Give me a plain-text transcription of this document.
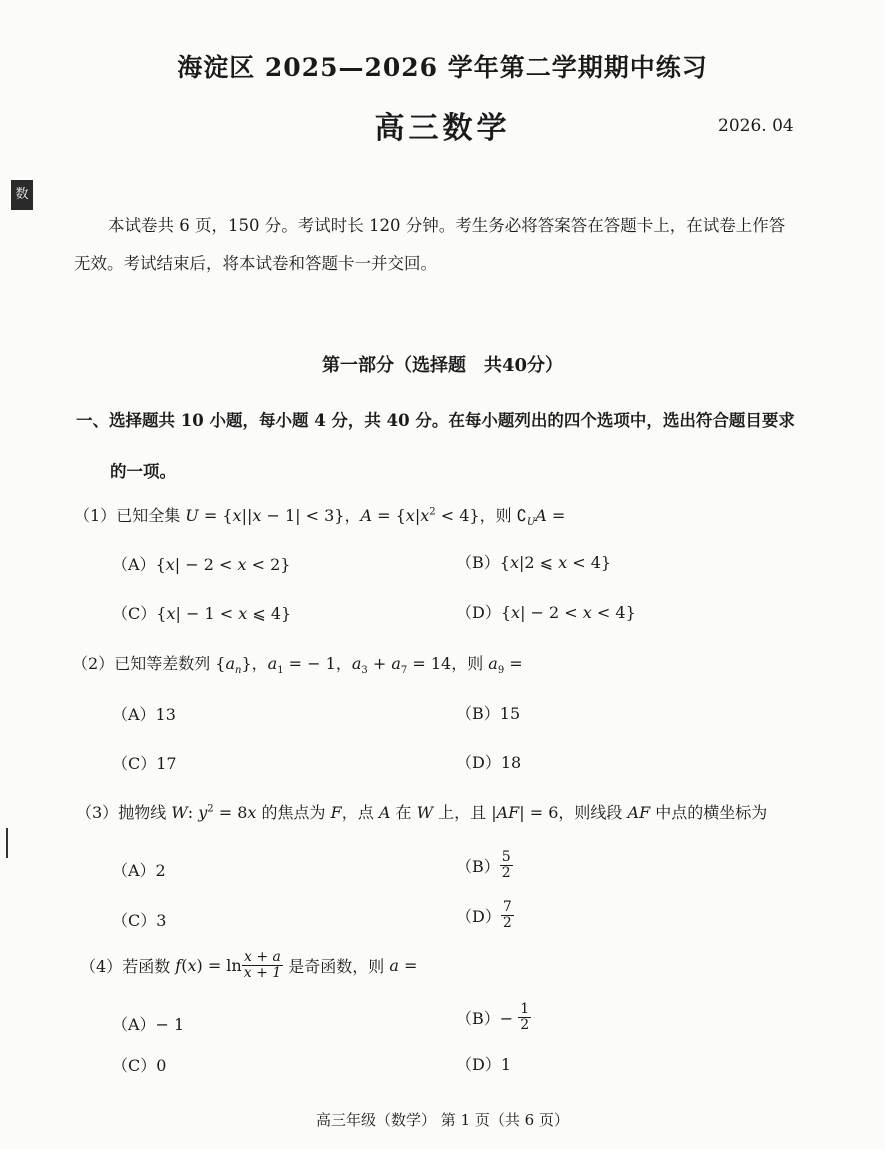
海淀区 2025—2026 学年第二学期期中练习
高三数学	2026. 04
数
本试卷共 6 页，150 分。考试时长 120 分钟。考生务必将答案答在答题卡上，在试卷上作答
无效。考试结束后，将本试卷和答题卡一并交回。
第一部分（选择题　共40分）
一、选择题共 10 小题，每小题 4 分，共 40 分。在每小题列出的四个选项中，选出符合题目要求
的一项。
（1）已知全集 U = {x||x − 1| < 3}，$A = \{x|x^2 < 4\}$，则 $∁_UA$ =
（A）{x| − 2 < x < 2}	（B）{x|2 ⩽ x < 4}
（C）{x| − 1 < x ⩽ 4}	（D）{x| − 2 < x < 4}
（2）已知等差数列 $\{a_n\}$，$a_1$ = − 1，$a_3 + a_7 = 14$，则 $a_9$ =
（A）13	（B）15
（C）17	（D）18
（3）抛物线 W: $y^2 = 8x$ 的焦点为 F，点 A 在 W 上，且 |AF| = 6，则线段 AF 中点的横坐标为
（A）2	$(B) \frac{5}{2}$
（C）3	$(D) \frac{7}{2}$
（4）若函数 $f(x) = \ln \frac{x + a}{x + 1}$ 是奇函数，则 a =
（A）− 1	$(B)- \frac{1}{2}$
（C）0	（D）1
高三年级（数学） 第 1 页（共 6 页）
